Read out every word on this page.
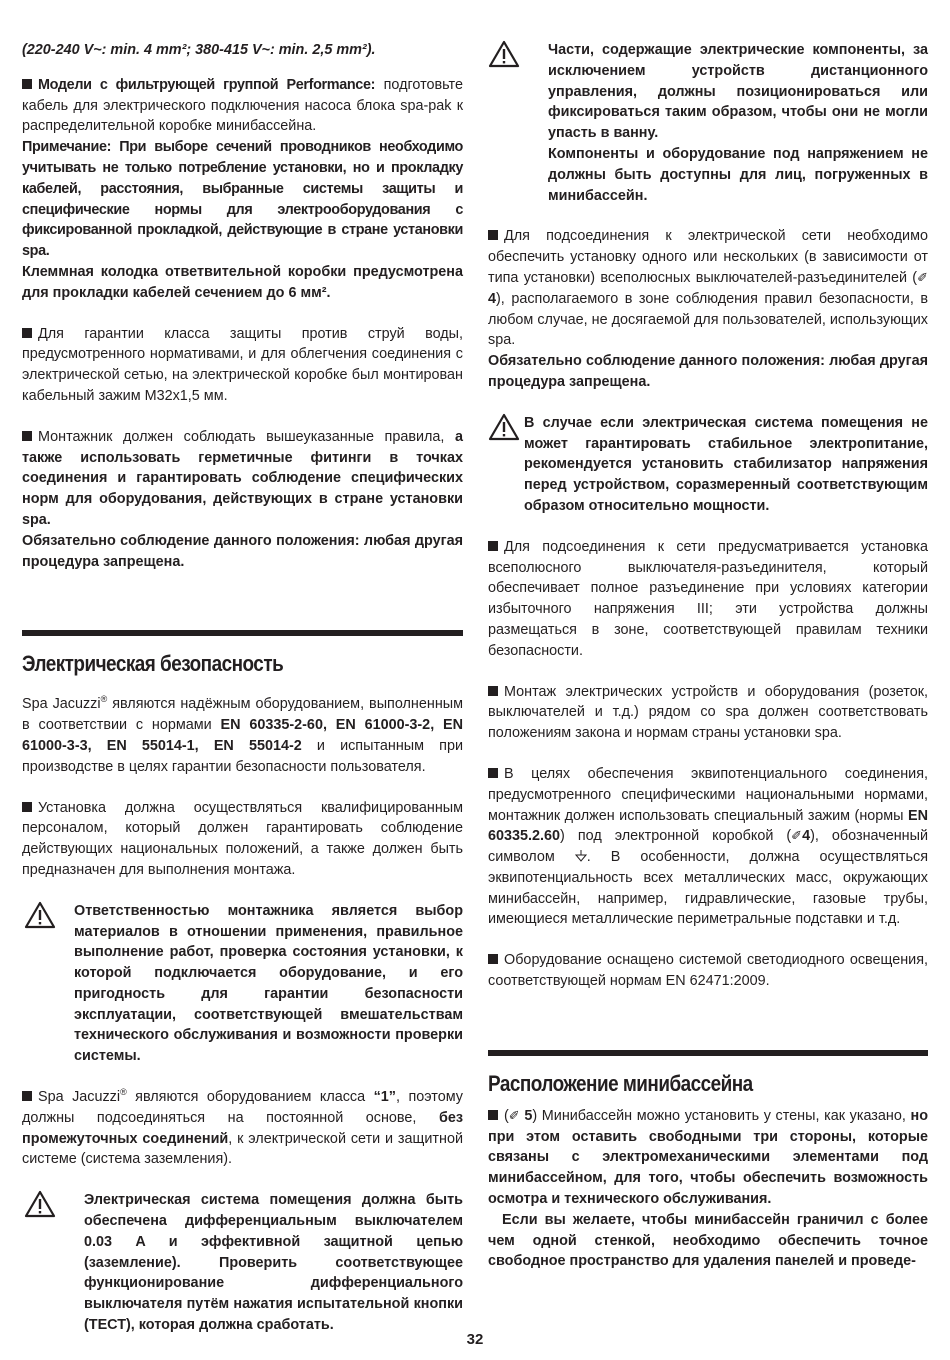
(220-240 V~: min. 4 mm²; 380-415 V~: min. 2,5 mm²).

Модели с фильтрующей группой Performance: подготовьте кабель для электрического подключения насоса блока spa-pak к распределительной коробке минибассейна.

Примечание: При выборе сечений проводников необходимо учитывать не только потребление установки, но и прокладку кабелей, расстояния, выбранные системы защиты и специфические нормы для электрооборудования с фиксированной прокладкой, действующие в стране установки spa.

Клеммная колодка ответвительной коробки предусмотрена для прокладки кабелей сечением до 6 мм².

Для гарантии класса защиты против струй воды, предусмотренного нормативами, и для облегчения соединения с электрической сетью, на электрической коробке был монтирован кабельный зажим M32x1,5 мм.

Монтажник должен соблюдать вышеуказанные правила, а также использовать герметичные фитинги в точках соединения и гарантировать соблюдение специфических норм для оборудования, действующих в стране установки spa.

Обязательно соблюдение данного положения: любая другая процедура запрещена.

Электрическая безопасность

Spa Jacuzzi® являются надёжным оборудованием, выполненным в соответствии с нормами EN 60335-2-60, EN 61000-3-2, EN 61000-3-3, EN 55014-1, EN 55014-2 и испытанным при производстве в целях гарантии безопасности пользователя.

Установка должна осуществляться квалифицированным персоналом, который должен гарантировать соблюдение действующих национальных положений, а также должен быть предназначен для выполнения монтажа.

Ответственностью монтажника является выбор материалов в отношении применения, правильное выполнение работ, проверка состояния установки, к которой подключается оборудование, и его пригодность для гарантии безопасности эксплуатации, соответствующей вмешательствам технического обслуживания и возможности проверки системы.

Spa Jacuzzi® являются оборудованием класса “1”, поэтому должны подсоединяться на постоянной основе, без промежуточных соединений, к электрической сети и защитной системе (система заземления).

Электрическая система помещения должна быть обеспечена дифференциальным выключателем 0.03 A и эффективной защитной цепью (заземление). Проверить соответствующее функционирование дифференциального выключателя путём нажатия испытательной кнопки (ТЕСТ), которая должна сработать.
Части, содержащие электрические компоненты, за исключением устройств дистанционного управления, должны позиционироваться или фиксироваться таким образом, чтобы они не могли упасть в ванну.
Компоненты и оборудование под напряжением не должны быть доступны для лиц, погруженных в минибассейн.

Для подсоединения к электрической сети необходимо обеспечить установку одного или нескольких (в зависимости от типа установки) всеполюсных выключателей-разъединителей (✐ 4), располагаемого в зоне соблюдения правил безопасности, в любом случае, не досягаемой для пользователей, использующих spa.

Обязательно соблюдение данного положения: любая другая процедура запрещена.

В случае если электрическая система помещения не может гарантировать стабильное электропитание, рекомендуется установить стабилизатор напряжения перед устройством, соразмеренный соответствующим образом относительно мощности.

Для подсоединения к сети предусматривается установка всеполюсного выключателя-разъединителя, который обеспечивает полное разъединение при условиях категории избыточного напряжения III; эти устройства должны размещаться в зоне, соответствующей правилам техники безопасности.

Монтаж электрических устройств и оборудования (розеток, выключателей и т.д.) рядом со spa должен соответствовать положениям закона и нормам страны установки spa.

В целях обеспечения эквипотенциального соединения, предусмотренного специфическими национальными нормами, монтажник должен использовать специальный зажим (нормы EN 60335.2.60) под электронной коробкой (✐4), обозначенный символом . В особенности, должна осуществляться эквипотенциальность всех металлических масс, окружающих минибассейн, например, гидравлические, газовые трубы, имеющиеся металлические периметральные подставки и т.д.

Оборудование оснащено системой светодиодного освещения, соответствующей нормам EN 62471:2009.

Расположение минибассейна

(✐ 5) Минибассейн можно установить у стены, как указано, но при этом оставить свободными три стороны, которые связаны с электромеханическими элементами под минибассейном, для того, чтобы обеспечить возможность осмотра и технического обслуживания.

Если вы желаете, чтобы минибассейн граничил с более чем одной стенкой, необходимо обеспечить точное свободное пространство для удаления панелей и проведе-

32
